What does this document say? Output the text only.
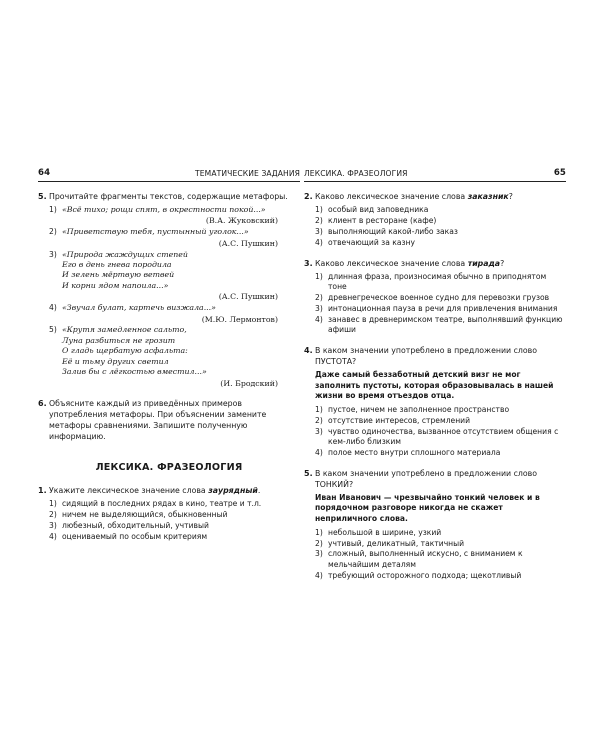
64	ТЕМАТИЧЕСКИЕ ЗАДАНИЯ
5. Прочитайте фрагменты текстов, содержащие метафоры.
1) «Всё тихо; рощи спят, в окрестности покой...»
(В.А. Жуковский)
2) «Приветствую тебя, пустынный уголок...»
(А.С. Пушкин)
3) «Природа жаждущих степей
Его в день гнева породила
И зелень мёртвую ветвей
И корни ядом напоила...»
(А.С. Пушкин)
4) «Звучал булат, картечь визжала...»
(М.Ю. Лермонтов)
5) «Крутя замедленное сальто,
Луна разбиться не грозит
О гладь щербатую асфальта:
Её и тьму других светил
Залив бы с лёгкостью вместил...»
(И. Бродский)
6. Объясните каждый из приведённых примеров употребления метафоры. При объяснении замените метафоры сравнениями. Запишите полученную информацию.
ЛЕКСИКА. ФРАЗЕОЛОГИЯ
1. Укажите лексическое значение слова заурядный.
1) сидящий в последних рядах в кино, театре и т.л.
2) ничем не выделяющийся, обыкновенный
3) любезный, обходительный, учтивый
4) оцениваемый по особым критериям
ЛЕКСИКА. ФРАЗЕОЛОГИЯ	65
2. Каково лексическое значение слова заказник?
1) особый вид заповедника
2) клиент в ресторане (кафе)
3) выполняющий какой-либо заказ
4) отвечающий за казну
3. Каково лексическое значение слова тирада?
1) длинная фраза, произносимая обычно в приподнятом тоне
2) древнегреческое военное судно для перевозки грузов
3) интонационная пауза в речи для привлечения внимания
4) занавес в древнеримском театре, выполнявший функцию афиши
4. В каком значении употреблено в предложении слово ПУСТОТА?
Даже самый беззаботный детский визг не мог заполнить пустоты, которая образовывалась в нашей жизни во время отъездов отца.
1) пустое, ничем не заполненное пространство
2) отсутствие интересов, стремлений
3) чувство одиночества, вызванное отсутствием общения с кем-либо близким
4) полое место внутри сплошного материала
5. В каком значении употреблено в предложении слово ТОНКИЙ?
Иван Иванович — чрезвычайно тонкий человек и в порядочном разговоре никогда не скажет неприличного слова.
1) небольшой в ширине, узкий
2) учтивый, деликатный, тактичный
3) сложный, выполненный искусно, с вниманием к мельчайшим деталям
4) требующий осторожного подхода; щекотливый
